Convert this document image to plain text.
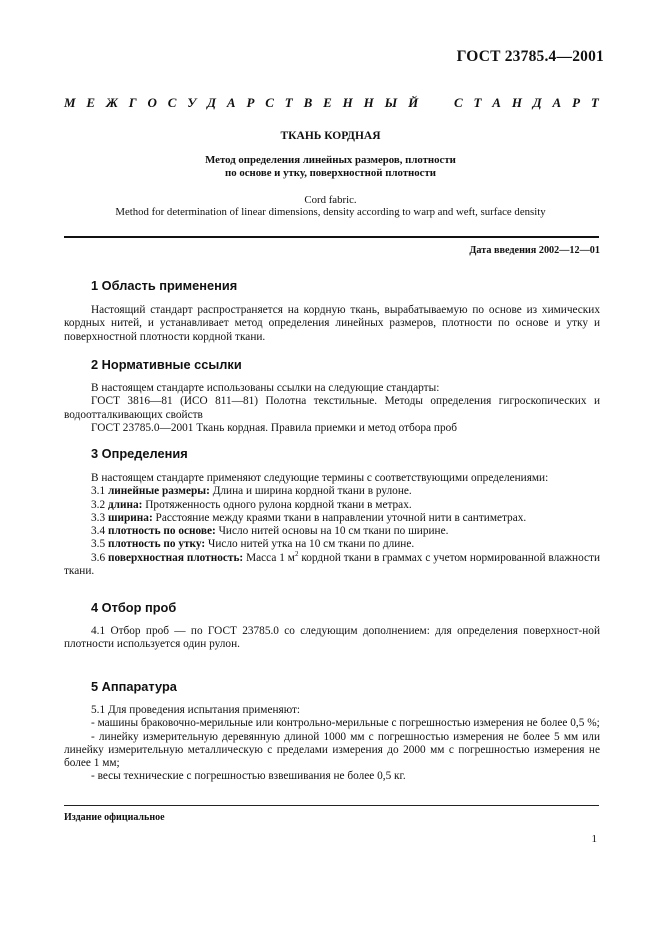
ГОСТ 23785.4—2001
М Е Ж Г О С У Д А Р С Т В Е Н Н Ы Й	С Т А Н Д А Р Т
ТКАНЬ КОРДНАЯ
Метод определения линейных размеров, плотности
по основе и утку, поверхностной плотности
Cord fabric.
Method for determination of linear dimensions, density according to warp and weft, surface density
Дата введения 2002—12—01
1 Область применения

Настоящий стандарт распространяется на кордную ткань, вырабатываемую по основе из химических кордных нитей, и устанавливает метод определения линейных размеров, плотности по основе и утку и поверхностной плотности кордной ткани.

2 Нормативные ссылки

В настоящем стандарте использованы ссылки на следующие стандарты:

ГОСТ 3816—81 (ИСО 811—81) Полотна текстильные. Методы определения гигроскопических и водоотталкивающих свойств

ГОСТ 23785.0—2001 Ткань кордная. Правила приемки и метод отбора проб

3 Определения

В настоящем стандарте применяют следующие термины с соответствующими определениями:

3.1 линейные размеры: Длина и ширина кордной ткани в рулоне.

3.2 длина: Протяженность одного рулона кордной ткани в метрах.

3.3 ширина: Расстояние между краями ткани в направлении уточной нити в сантиметрах.

3.4 плотность по основе: Число нитей основы на 10 см ткани по ширине.

3.5 плотность по утку: Число нитей утка на 10 см ткани по длине.

3.6 поверхностная плотность: Масса 1 $м^2$ кордной ткани в граммах с учетом нормированной влажности ткани.

4 Отбор проб

4.1 Отбор проб — по ГОСТ 23785.0 со следующим дополнением: для определения поверхност-ной плотности используется один рулон.

5 Аппаратура

5.1 Для проведения испытания применяют:

- машины браковочно-мерильные или контрольно-мерильные с погрешностью измерения не более 0,5 %;

- линейку измерительную деревянную длиной 1000 мм с погрешностью измерения не более 5 мм или линейку измерительную металлическую с пределами измерения до 2000 мм с погрешностью измерения не более 1 мм;

- весы технические с погрешностью взвешивания не более 0,5 кг.

Издание официальное
1
